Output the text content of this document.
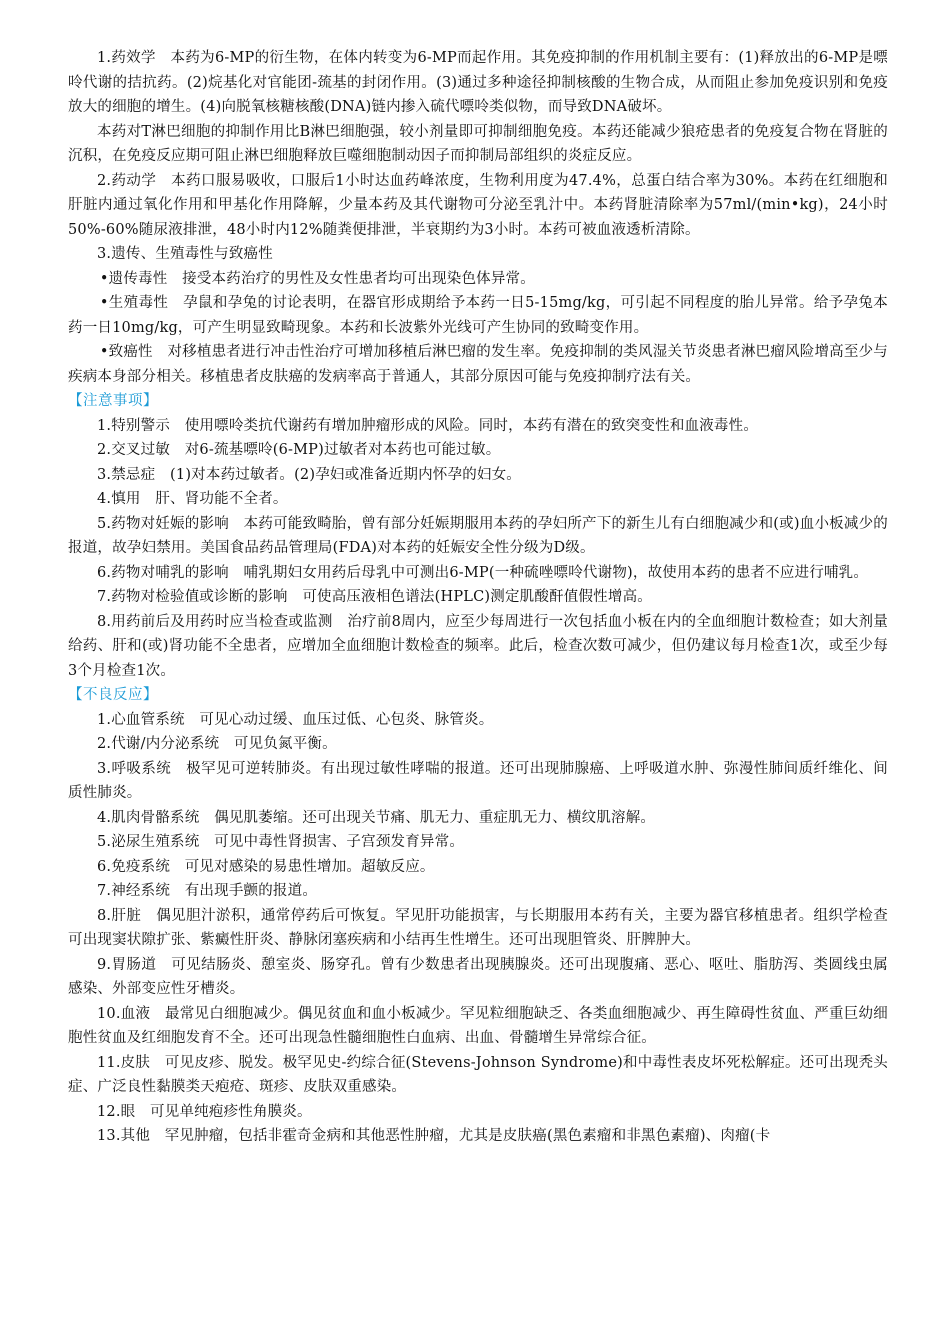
1.药效学　本药为6-MP的衍生物，在体内转变为6-MP而起作用。其免疫抑制的作用机制主要有：(1)释放出的6-MP是嘌呤代谢的拮抗药。(2)烷基化对官能团-巯基的封闭作用。(3)通过多种途径抑制核酸的生物合成，从而阻止参加免疫识别和免疫放大的细胞的增生。(4)向脱氧核糖核酸(DNA)链内掺入硫代嘌呤类似物，而导致DNA破坏。

本药对T淋巴细胞的抑制作用比B淋巴细胞强，较小剂量即可抑制细胞免疫。本药还能减少狼疮患者的免疫复合物在肾脏的沉积，在免疫反应期可阻止淋巴细胞释放巨噬细胞制动因子而抑制局部组织的炎症反应。

2.药动学　本药口服易吸收，口服后1小时达血药峰浓度，生物利用度为47.4%，总蛋白结合率为30%。本药在红细胞和肝脏内通过氧化作用和甲基化作用降解，少量本药及其代谢物可分泌至乳汁中。本药肾脏清除率为57ml/(min•kg)，24小时50%-60%随尿液排泄，48小时内12%随粪便排泄，半衰期约为3小时。本药可被血液透析清除。

3.遗传、生殖毒性与致癌性

•遗传毒性　接受本药治疗的男性及女性患者均可出现染色体异常。

•生殖毒性　孕鼠和孕兔的讨论表明，在器官形成期给予本药一日5-15mg/kg，可引起不同程度的胎儿异常。给予孕兔本药一日10mg/kg，可产生明显致畸现象。本药和长波紫外光线可产生协同的致畸变作用。

•致癌性　对移植患者进行冲击性治疗可增加移植后淋巴瘤的发生率。免疫抑制的类风湿关节炎患者淋巴瘤风险增高至少与疾病本身部分相关。移植患者皮肤癌的发病率高于普通人，其部分原因可能与免疫抑制疗法有关。

【注意事项】

1.特别警示　使用嘌呤类抗代谢药有增加肿瘤形成的风险。同时，本药有潜在的致突变性和血液毒性。

2.交叉过敏　对6-巯基嘌呤(6-MP)过敏者对本药也可能过敏。

3.禁忌症　(1)对本药过敏者。(2)孕妇或准备近期内怀孕的妇女。

4.慎用　肝、肾功能不全者。

5.药物对妊娠的影响　本药可能致畸胎，曾有部分妊娠期服用本药的孕妇所产下的新生儿有白细胞减少和(或)血小板减少的报道，故孕妇禁用。美国食品药品管理局(FDA)对本药的妊娠安全性分级为D级。

6.药物对哺乳的影响　哺乳期妇女用药后母乳中可测出6-MP(一种硫唑嘌呤代谢物)，故使用本药的患者不应进行哺乳。

7.药物对检验值或诊断的影响　可使高压液相色谱法(HPLC)测定肌酸酐值假性增高。

8.用药前后及用药时应当检查或监测　治疗前8周内，应至少每周进行一次包括血小板在内的全血细胞计数检查；如大剂量给药、肝和(或)肾功能不全患者，应增加全血细胞计数检查的频率。此后，检查次数可减少，但仍建议每月检查1次，或至少每3个月检查1次。

【不良反应】

1.心血管系统　可见心动过缓、血压过低、心包炎、脉管炎。

2.代谢/内分泌系统　可见负氮平衡。

3.呼吸系统　极罕见可逆转肺炎。有出现过敏性哮喘的报道。还可出现肺腺癌、上呼吸道水肿、弥漫性肺间质纤维化、间质性肺炎。

4.肌肉骨骼系统　偶见肌萎缩。还可出现关节痛、肌无力、重症肌无力、横纹肌溶解。

5.泌尿生殖系统　可见中毒性肾损害、子宫颈发育异常。

6.免疫系统　可见对感染的易患性增加。超敏反应。

7.神经系统　有出现手颤的报道。

8.肝脏　偶见胆汁淤积，通常停药后可恢复。罕见肝功能损害，与长期服用本药有关，主要为器官移植患者。组织学检查可出现窦状隙扩张、紫癜性肝炎、静脉闭塞疾病和小结再生性增生。还可出现胆管炎、肝脾肿大。

9.胃肠道　可见结肠炎、憩室炎、肠穿孔。曾有少数患者出现胰腺炎。还可出现腹痛、恶心、呕吐、脂肪泻、类圆线虫属感染、外部变应性牙槽炎。

10.血液　最常见白细胞减少。偶见贫血和血小板减少。罕见粒细胞缺乏、各类血细胞减少、再生障碍性贫血、严重巨幼细胞性贫血及红细胞发育不全。还可出现急性髓细胞性白血病、出血、骨髓增生异常综合征。

11.皮肤　可见皮疹、脱发。极罕见史-约综合征(Stevens-Johnson Syndrome)和中毒性表皮坏死松解症。还可出现秃头症、广泛良性黏膜类天疱疮、斑疹、皮肤双重感染。

12.眼　可见单纯疱疹性角膜炎。

13.其他　罕见肿瘤，包括非霍奇金病和其他恶性肿瘤，尤其是皮肤癌(黑色素瘤和非黑色素瘤)、肉瘤(卡
